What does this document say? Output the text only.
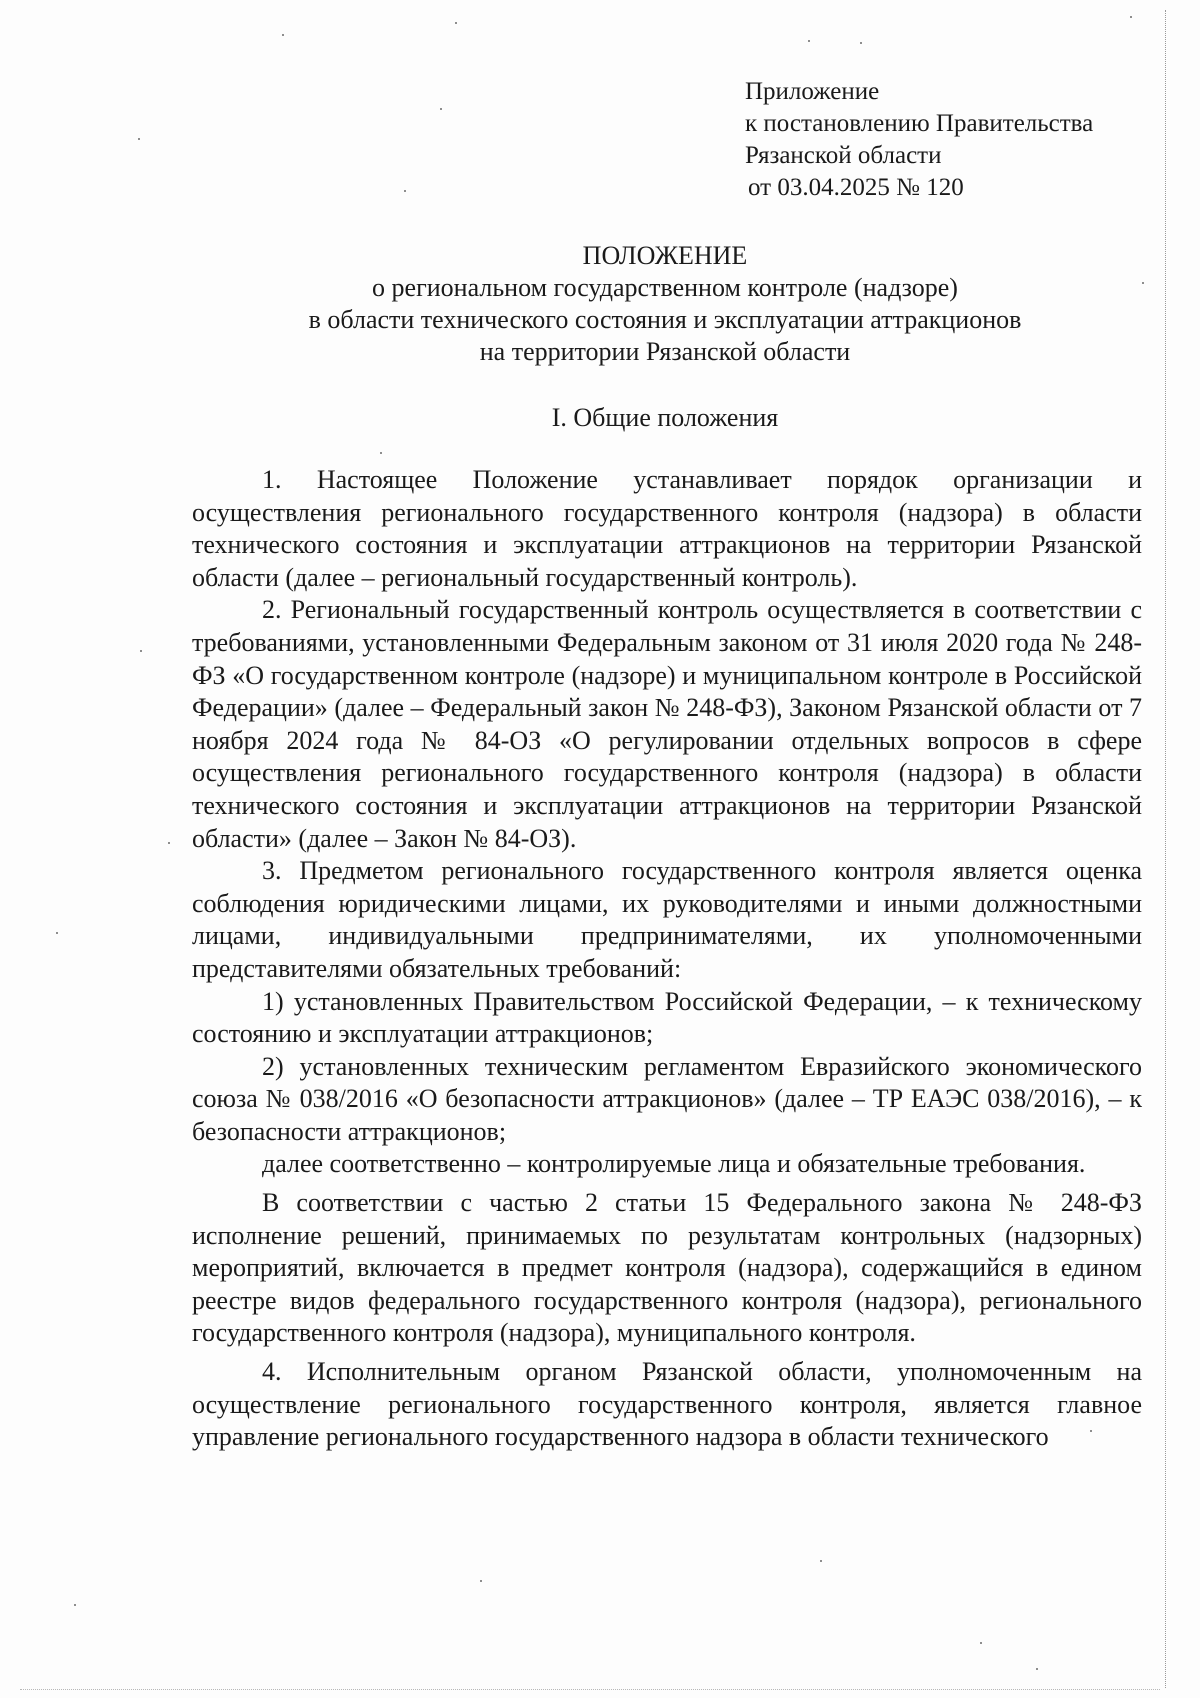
Приложение
к постановлению Правительства
Рязанской области
от 03.04.2025 № 120
ПОЛОЖЕНИЕ
о региональном государственном контроле (надзоре)
в области технического состояния и эксплуатации аттракционов
на территории Рязанской области
I. Общие положения

1. Настоящее Положение устанавливает порядок организации и осуществления регионального государственного контроля (надзора) в области технического состояния и эксплуатации аттракционов на территории Рязанской области (далее – региональный государственный контроль).

2. Региональный государственный контроль осуществляется в соответствии с требованиями, установленными Федеральным законом от 31 июля 2020 года № 248-ФЗ «О государственном контроле (надзоре) и муниципальном контроле в Российской Федерации» (далее – Федеральный закон № 248-ФЗ), Законом Рязанской области от 7 ноября 2024 года № 84-ОЗ «О регулировании отдельных вопросов в сфере осуществления регионального государственного контроля (надзора) в области технического состояния и эксплуатации аттракционов на территории Рязанской области» (далее – Закон № 84-ОЗ).

3. Предметом регионального государственного контроля является оценка соблюдения юридическими лицами, их руководителями и иными должностными лицами, индивидуальными предпринимателями, их уполномоченными представителями обязательных требований:

1) установленных Правительством Российской Федерации, – к техническому состоянию и эксплуатации аттракционов;

2) установленных техническим регламентом Евразийского экономического союза № 038/2016 «О безопасности аттракционов» (далее – ТР ЕАЭС 038/2016), – к безопасности аттракционов;

далее соответственно – контролируемые лица и обязательные требования.

В соответствии с частью 2 статьи 15 Федерального закона № 248-ФЗ исполнение решений, принимаемых по результатам контрольных (надзорных) мероприятий, включается в предмет контроля (надзора), содержащийся в едином реестре видов федерального государственного контроля (надзора), регионального государственного контроля (надзора), муниципального контроля.

4. Исполнительным органом Рязанской области, уполномоченным на осуществление регионального государственного контроля, является главное управление регионального государственного надзора в области технического
